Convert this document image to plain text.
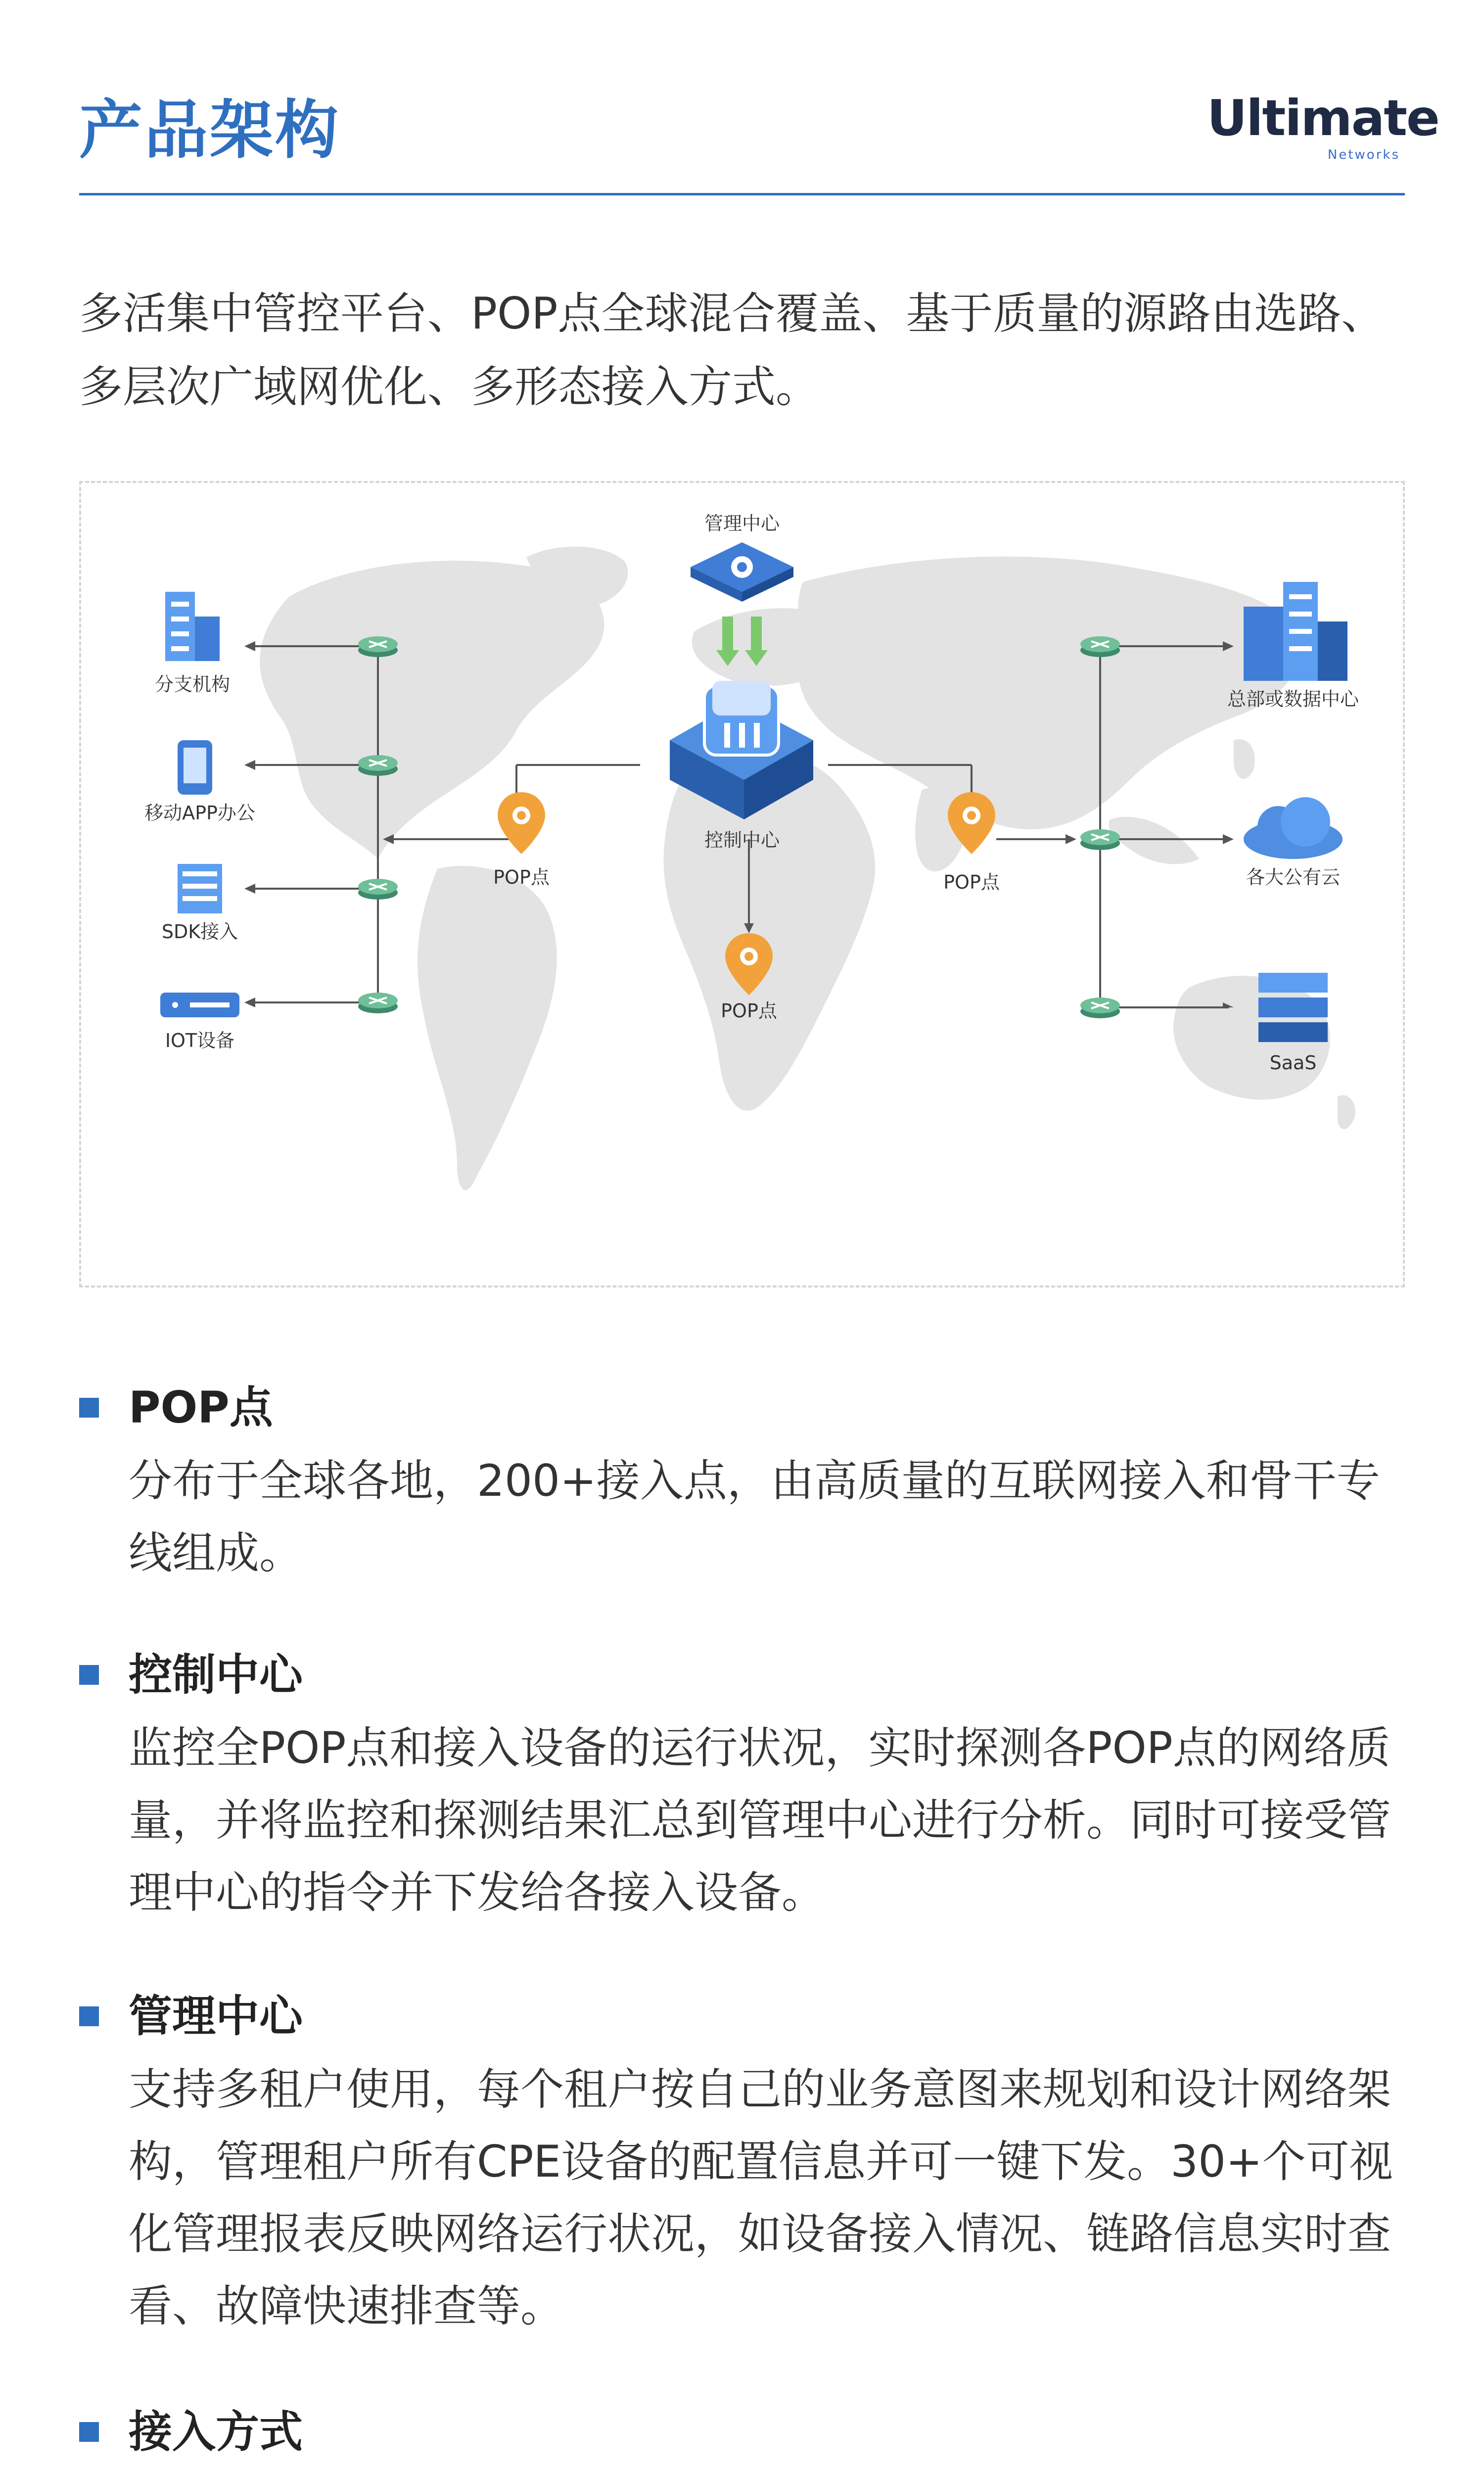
产品架构	Ultimate
Networks

多活集中管控平台、POP点全球混合覆盖、基于质量的源路由选路、多层次广域网优化、多形态接入方式。

管理中心
控制中心
POP点	POP点
POP点
分支机构
移动APP办公
SDK接入
IOT设备
总部或数据中心
各大公有云
SaaS
POP点

分布于全球各地，200+接入点，由高质量的互联网接入和骨干专线组成。

控制中心

监控全POP点和接入设备的运行状况，实时探测各POP点的网络质量，并将监控和探测结果汇总到管理中心进行分析。同时可接受管理中心的指令并下发给各接入设备。

管理中心

支持多租户使用，每个租户按自己的业务意图来规划和设计网络架构，管理租户所有CPE设备的配置信息并可一键下发。30+个可视化管理报表反映网络运行状况，如设备接入情况、链路信息实时查看、故障快速排查等。

接入方式
